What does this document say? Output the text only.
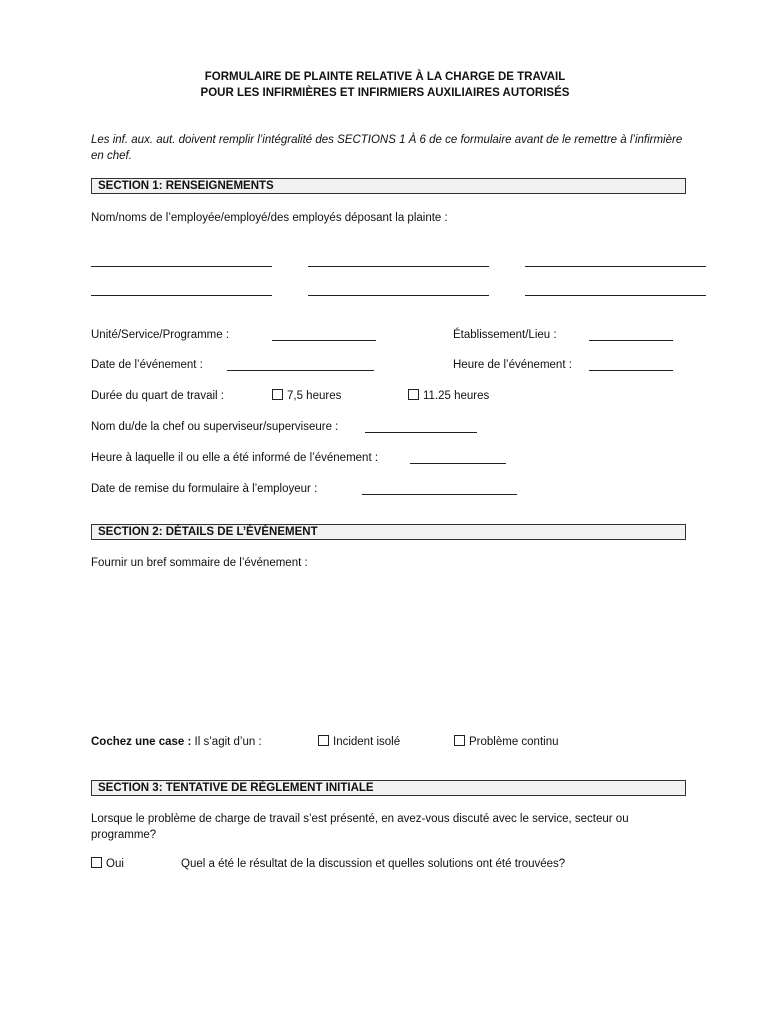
FORMULAIRE DE PLAINTE RELATIVE À LA CHARGE DE TRAVAIL
POUR LES INFIRMIÈRES ET INFIRMIERS AUXILIAIRES AUTORISÉS
Les inf. aux. aut. doivent remplir l’intégralité des SECTIONS 1 À 6 de ce formulaire avant de le remettre à l’infirmière en chef.
SECTION 1: RENSEIGNEMENTS
Nom/noms de l’employée/employé/des employés déposant la plainte :
Unité/Service/Programme :	Établissement/Lieu :
Date de l’événement :	Heure de l’événement :
Durée du quart de travail :	7,5 heures	11.25 heures
Nom du/de la chef ou superviseur/superviseure :
Heure à laquelle il ou elle a été informé de l’événement :
Date de remise du formulaire à l’employeur :
SECTION 2: DÉTAILS DE L’ÉVÉNEMENT
Fournir un bref sommaire de l’événement :
Cochez une case : Il s’agit d’un :	Incident isolé	Problème continu
SECTION 3: TENTATIVE DE RÈGLEMENT INITIALE
Lorsque le problème de charge de travail s’est présenté, en avez-vous discuté avec le service, secteur ou programme?
Oui	Quel a été le résultat de la discussion et quelles solutions ont été trouvées?
